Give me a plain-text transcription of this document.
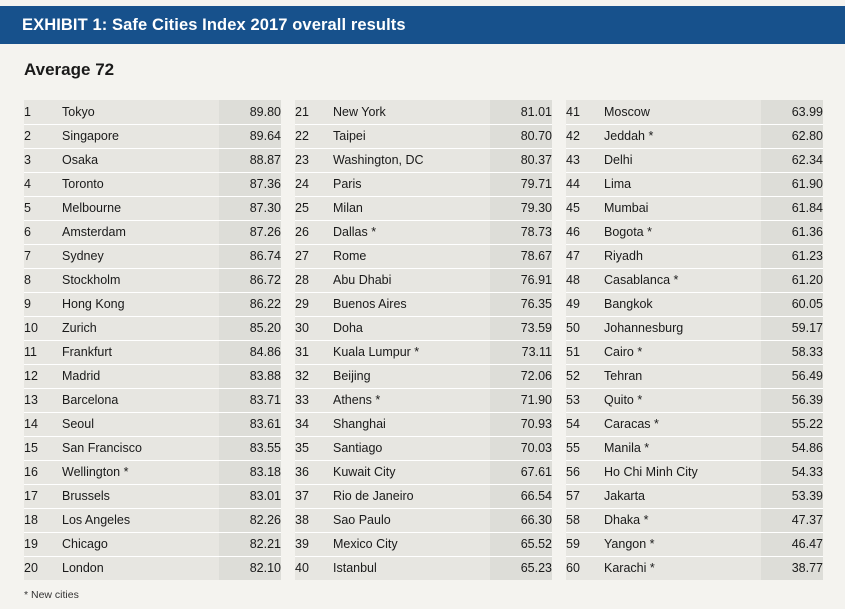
EXHIBIT 1: Safe Cities Index 2017 overall results
Average 72
1	Tokyo	89.80
2	Singapore	89.64
3	Osaka	88.87
4	Toronto	87.36
5	Melbourne	87.30
6	Amsterdam	87.26
7	Sydney	86.74
8	Stockholm	86.72
9	Hong Kong	86.22
10	Zurich	85.20
11	Frankfurt	84.86
12	Madrid	83.88
13	Barcelona	83.71
14	Seoul	83.61
15	San Francisco	83.55
16	Wellington *	83.18
17	Brussels	83.01
18	Los Angeles	82.26
19	Chicago	82.21
20	London	82.10
21	New York	81.01
22	Taipei	80.70
23	Washington, DC	80.37
24	Paris	79.71
25	Milan	79.30
26	Dallas *	78.73
27	Rome	78.67
28	Abu Dhabi	76.91
29	Buenos Aires	76.35
30	Doha	73.59
31	Kuala Lumpur *	73.11
32	Beijing	72.06
33	Athens *	71.90
34	Shanghai	70.93
35	Santiago	70.03
36	Kuwait City	67.61
37	Rio de Janeiro	66.54
38	Sao Paulo	66.30
39	Mexico City	65.52
40	Istanbul	65.23
41	Moscow	63.99
42	Jeddah *	62.80
43	Delhi	62.34
44	Lima	61.90
45	Mumbai	61.84
46	Bogota *	61.36
47	Riyadh	61.23
48	Casablanca *	61.20
49	Bangkok	60.05
50	Johannesburg	59.17
51	Cairo *	58.33
52	Tehran	56.49
53	Quito *	56.39
54	Caracas *	55.22
55	Manila *	54.86
56	Ho Chi Minh City	54.33
57	Jakarta	53.39
58	Dhaka *	47.37
59	Yangon *	46.47
60	Karachi *	38.77
* New cities
